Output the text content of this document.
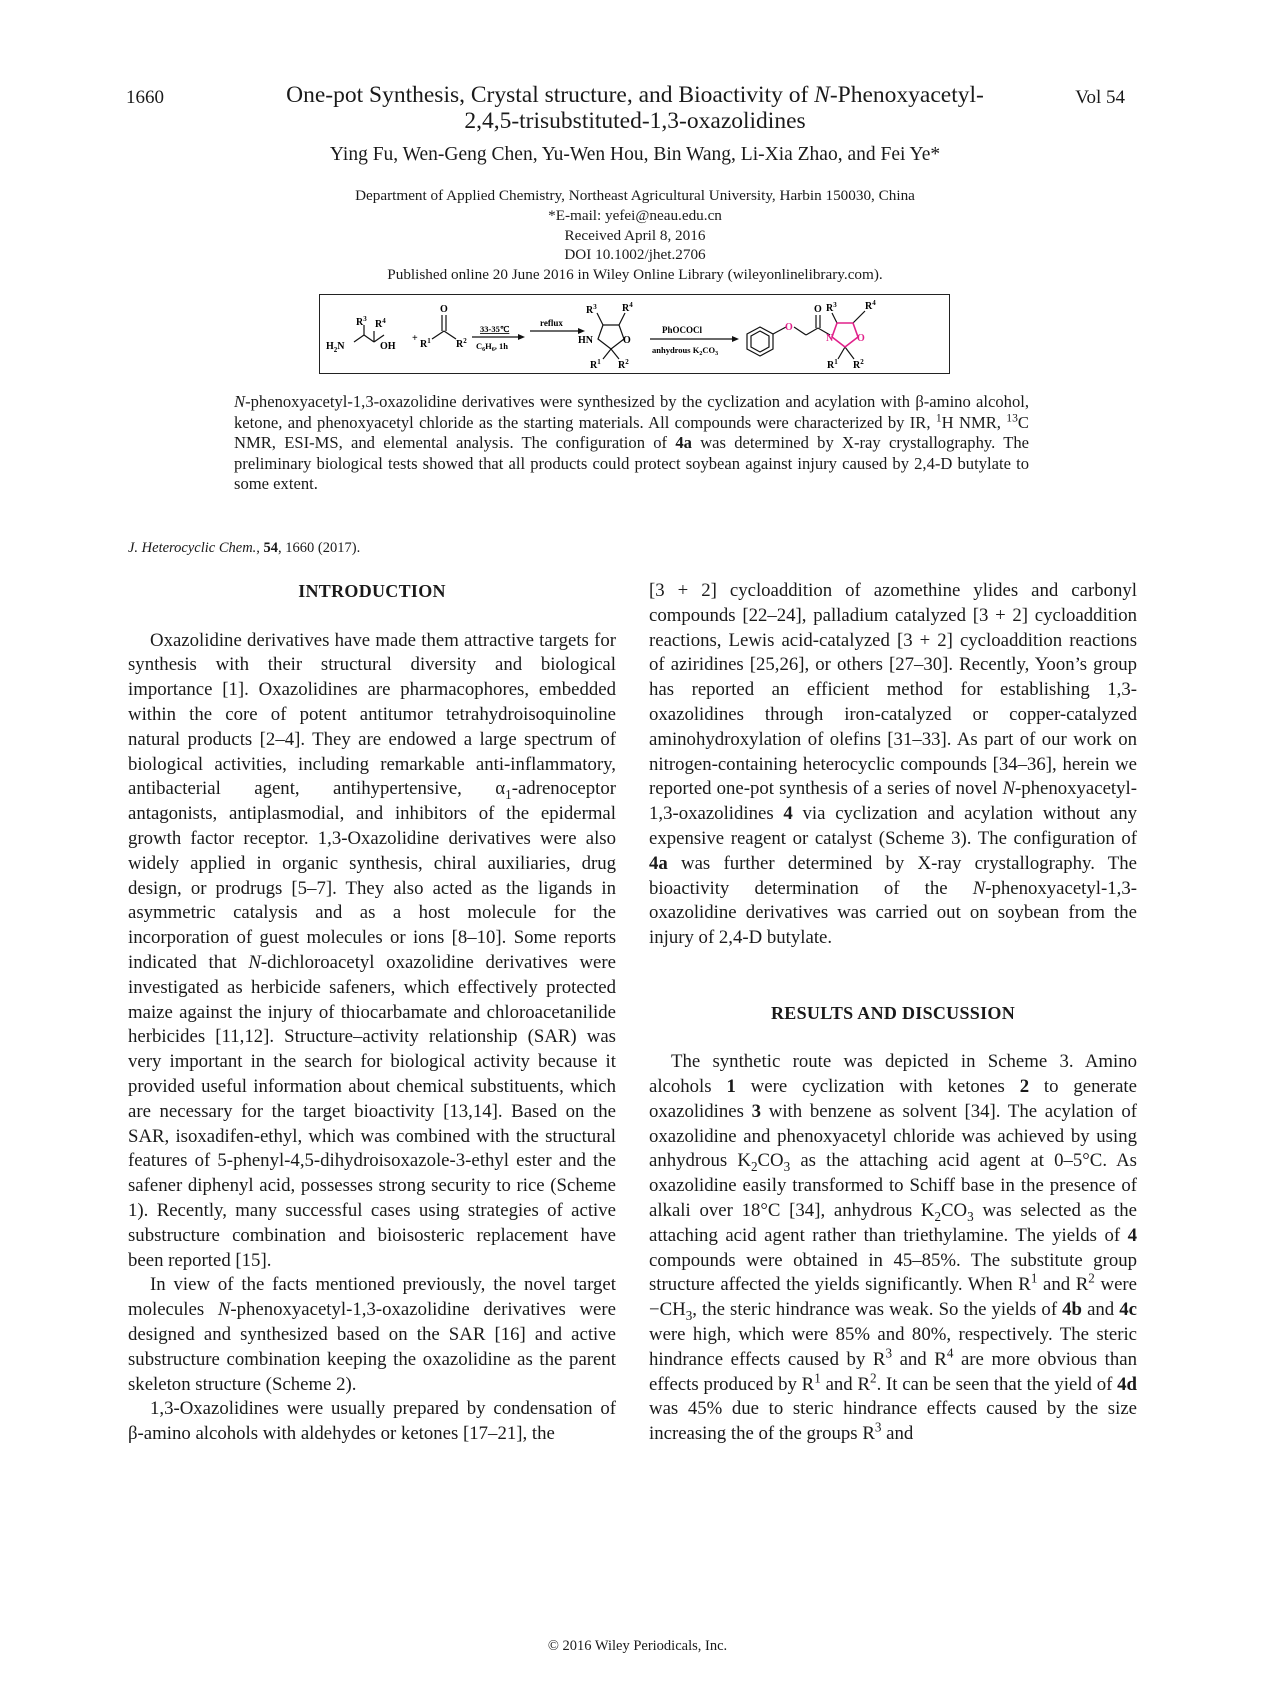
1660	Vol 54
One-pot Synthesis, Crystal structure, and Bioactivity of N-Phenoxyacetyl-
2,4,5-trisubstituted-1,3-oxazolidines
Ying Fu, Wen-Geng Chen, Yu-Wen Hou, Bin Wang, Li-Xia Zhao, and Fei Ye*
Department of Applied Chemistry, Northeast Agricultural University, Harbin 150030, China
*E-mail: yefei@neau.edu.cn
Received April 8, 2016
DOI 10.1002/jhet.2706
Published online 20 June 2016 in Wiley Online Library (wileyonlinelibrary.com).
$R^3$ $R^4$
$H_2N$	OH
+
O
$R^1$	$R^2$
33-35℃
$C_6H_6$, 1h
reflux
$R^3$	$R^4$
HN	O
$R^1$ $R^2$
PhOCOCl
anhydrous $K_2CO_3$
O
O $R^3$	$R^4$
N O
$R^1$ $R^2$
N-phenoxyacetyl-1,3-oxazolidine derivatives were synthesized by the cyclization and acylation with β-amino alcohol, ketone, and phenoxyacetyl chloride as the starting materials. All compounds were characterized by IR, $^1$H NMR, $^{13}$C NMR, ESI-MS, and elemental analysis. The configuration of 4a was determined by X-ray crystallography. The preliminary biological tests showed that all products could protect soybean against injury caused by 2,4-D butylate to some extent.
J. Heterocyclic Chem., 54, 1660 (2017).
INTRODUCTION

Oxazolidine derivatives have made them attractive targets for synthesis with their structural diversity and biological importance [1]. Oxazolidines are pharmacophores, embedded within the core of potent antitumor tetrahydroisoquinoline natural products [2–4]. They are endowed a large spectrum of biological activities, including remarkable anti-inflammatory, antibacterial agent, antihypertensive, $\alpha_1$-adrenoceptor antagonists, antiplasmodial, and inhibitors of the epidermal growth factor receptor. 1,3-Oxazolidine derivatives were also widely applied in organic synthesis, chiral auxiliaries, drug design, or prodrugs [5–7]. They also acted as the ligands in asymmetric catalysis and as a host molecule for the incorporation of guest molecules or ions [8–10]. Some reports indicated that N-dichloroacetyl oxazolidine derivatives were investigated as herbicide safeners, which effectively protected maize against the injury of thiocarbamate and chloroacetanilide herbicides [11,12]. Structure–activity relationship (SAR) was very important in the search for biological activity because it provided useful information about chemical substituents, which are necessary for the target bioactivity [13,14]. Based on the SAR, isoxadifen-ethyl, which was combined with the structural features of 5-phenyl-4,5-dihydroisoxazole-3-ethyl ester and the safener diphenyl acid, possesses strong security to rice (Scheme 1). Recently, many successful cases using strategies of active substructure combination and bioisosteric replacement have been reported [15].

In view of the facts mentioned previously, the novel target molecules N-phenoxyacetyl-1,3-oxazolidine derivatives were designed and synthesized based on the SAR [16] and active substructure combination keeping the oxazolidine as the parent skeleton structure (Scheme 2).

1,3-Oxazolidines were usually prepared by condensation of β-amino alcohols with aldehydes or ketones [17–21], the

[3 + 2] cycloaddition of azomethine ylides and carbonyl compounds [22–24], palladium catalyzed [3 + 2] cycloaddition reactions, Lewis acid-catalyzed [3 + 2] cycloaddition reactions of aziridines [25,26], or others [27–30]. Recently, Yoon’s group has reported an efficient method for establishing 1,3-oxazolidines through iron-catalyzed or copper-catalyzed aminohydroxylation of olefins [31–33]. As part of our work on nitrogen-containing heterocyclic compounds [34–36], herein we reported one-pot synthesis of a series of novel N-phenoxyacetyl-1,3-oxazolidines 4 via cyclization and acylation without any expensive reagent or catalyst (Scheme 3). The configuration of 4a was further determined by X-ray crystallography. The bioactivity determination of the N-phenoxyacetyl-1,3-oxazolidine derivatives was carried out on soybean from the injury of 2,4-D butylate.

RESULTS AND DISCUSSION

The synthetic route was depicted in Scheme 3. Amino alcohols 1 were cyclization with ketones 2 to generate oxazolidines 3 with benzene as solvent [34]. The acylation of oxazolidine and phenoxyacetyl chloride was achieved by using anhydrous $K_2CO_3$ as the attaching acid agent at 0–5°C. As oxazolidine easily transformed to Schiff base in the presence of alkali over 18°C [34], anhydrous $K_2CO_3$ was selected as the attaching acid agent rather than triethylamine. The yields of 4 compounds were obtained in 45–85%. The substitute group structure affected the yields significantly. When $R^1$ and $R^2$ were $-CH_3$, the steric hindrance was weak. So the yields of 4b and 4c were high, which were 85% and 80%, respectively. The steric hindrance effects caused by $R^3$ and $R^4$ are more obvious than effects produced by $R^1$ and $R^2$. It can be seen that the yield of 4d was 45% due to steric hindrance effects caused by the size increasing the of the groups $R^3$ and

© 2016 Wiley Periodicals, Inc.
